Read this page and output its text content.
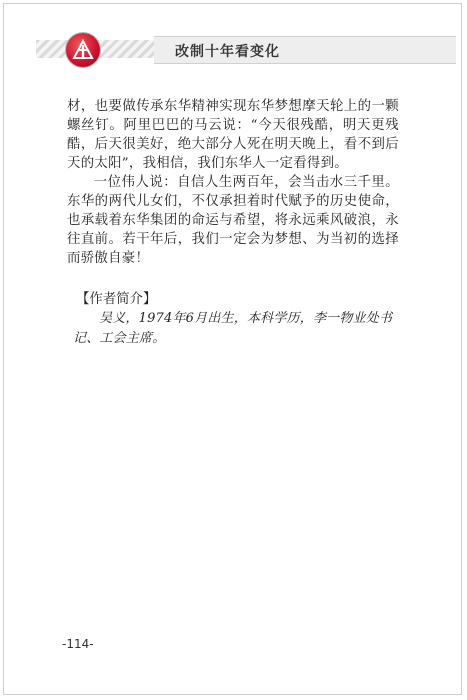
改制十年看变化

材，也要做传承东华精神实现东华梦想摩天轮上的一颗螺丝钉。阿里巴巴的马云说：“今天很残酷，明天更残酷，后天很美好，绝大部分人死在明天晚上，看不到后天的太阳”，我相信，我们东华人一定看得到。

一位伟人说：自信人生两百年，会当击水三千里。东华的两代儿女们，不仅承担着时代赋予的历史使命，也承载着东华集团的命运与希望，将永远乘风破浪，永往直前。若干年后，我们一定会为梦想、为当初的选择而骄傲自豪！

【作者简介】
吴义，1974年6月出生，本科学历，李一物业处书记、工会主席。
-114-
